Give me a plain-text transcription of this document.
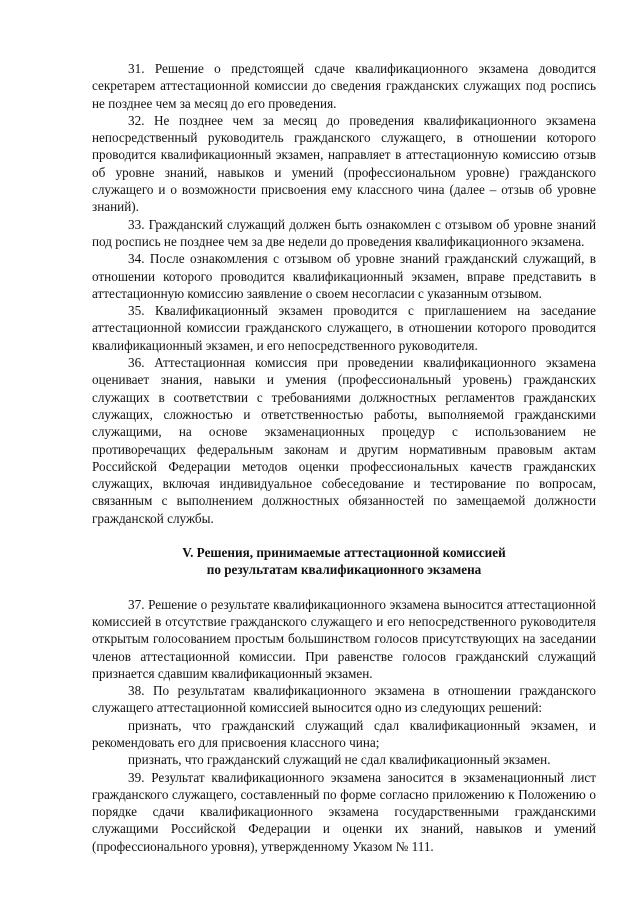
31. Решение о предстоящей сдаче квалификационного экзамена доводится секретарем аттестационной комиссии до сведения гражданских служащих под роспись не позднее чем за месяц до его проведения.

32. Не позднее чем за месяц до проведения квалификационного экзамена непосредственный руководитель гражданского служащего, в отношении которого проводится квалификационный экзамен, направляет в аттестационную комиссию отзыв об уровне знаний, навыков и умений (профессиональном уровне) гражданского служащего и о возможности присвоения ему классного чина (далее – отзыв об уровне знаний).

33. Гражданский служащий должен быть ознакомлен с отзывом об уровне знаний под роспись не позднее чем за две недели до проведения квалификационного экзамена.

34. После ознакомления с отзывом об уровне знаний гражданский служащий, в отношении которого проводится квалификационный экзамен, вправе представить в аттестационную комиссию заявление о своем несогласии с указанным отзывом.

35. Квалификационный экзамен проводится с приглашением на заседание аттестационной комиссии гражданского служащего, в отношении которого проводится квалификационный экзамен, и его непосредственного руководителя.

36. Аттестационная комиссия при проведении квалификационного экзамена оценивает знания, навыки и умения (профессиональный уровень) гражданских служащих в соответствии с требованиями должностных регламентов гражданских служащих, сложностью и ответственностью работы, выполняемой гражданскими служащими, на основе экзаменационных процедур с использованием не противоречащих федеральным законам и другим нормативным правовым актам Российской Федерации методов оценки профессиональных качеств гражданских служащих, включая индивидуальное собеседование и тестирование по вопросам, связанным с выполнением должностных обязанностей по замещаемой должности гражданской службы.

V. Решения, принимаемые аттестационной комиссией
по результатам квалификационного экзамена

37. Решение о результате квалификационного экзамена выносится аттестационной комиссией в отсутствие гражданского служащего и его непосредственного руководителя открытым голосованием простым большинством голосов присутствующих на заседании членов аттестационной комиссии. При равенстве голосов гражданский служащий признается сдавшим квалификационный экзамен.

38. По результатам квалификационного экзамена в отношении гражданского служащего аттестационной комиссией выносится одно из следующих решений:

признать, что гражданский служащий сдал квалификационный экзамен, и рекомендовать его для присвоения классного чина;

признать, что гражданский служащий не сдал квалификационный экзамен.

39. Результат квалификационного экзамена заносится в экзаменационный лист гражданского служащего, составленный по форме согласно приложению к Положению о порядке сдачи квалификационного экзамена государственными гражданскими служащими Российской Федерации и оценки их знаний, навыков и умений (профессионального уровня), утвержденному Указом № 111.
